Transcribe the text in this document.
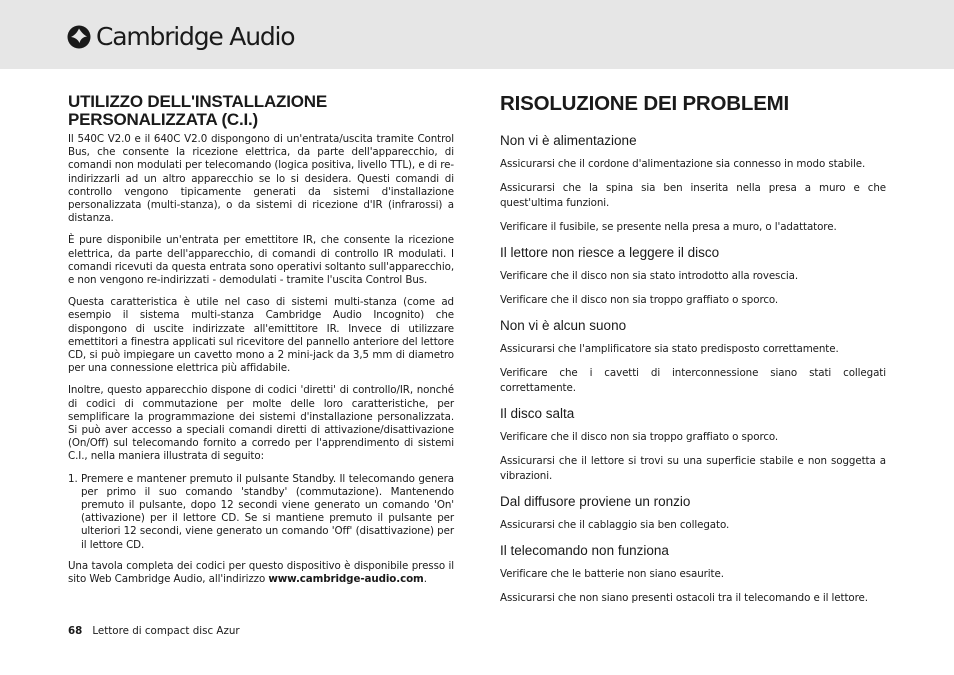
Cambridge Audio
UTILIZZO DELL'INSTALLAZIONE PERSONALIZZATA (C.I.)

Il 540C V2.0 e il 640C V2.0 dispongono di un'entrata/uscita tramite Control Bus, che consente la ricezione elettrica, da parte dell'apparecchio, di comandi non modulati per telecomando (logica positiva, livello TTL), e di re-indirizzarli ad un altro apparecchio se lo si desidera. Questi comandi di controllo vengono tipicamente generati da sistemi d'installazione personalizzata (multi-stanza), o da sistemi di ricezione d'IR (infrarossi) a distanza.

È pure disponibile un'entrata per emettitore IR, che consente la ricezione elettrica, da parte dell'apparecchio, di comandi di controllo IR modulati. I comandi ricevuti da questa entrata sono operativi soltanto sull'apparecchio, e non vengono re-indirizzati - demodulati - tramite l'uscita Control Bus.

Questa caratteristica è utile nel caso di sistemi multi-stanza (come ad esempio il sistema multi-stanza Cambridge Audio Incognito) che dispongono di uscite indirizzate all'emittitore IR. Invece di utilizzare emettitori a finestra applicati sul ricevitore del pannello anteriore del lettore CD, si può impiegare un cavetto mono a 2 mini-jack da 3,5 mm di diametro per una connessione elettrica più affidabile.

Inoltre, questo apparecchio dispone di codici 'diretti' di controllo/IR, nonché di codici di commutazione per molte delle loro caratteristiche, per semplificare la programmazione dei sistemi d'installazione personalizzata. Si può aver accesso a speciali comandi diretti di attivazione/disattivazione (On/Off) sul telecomando fornito a corredo per l'apprendimento di sistemi C.I., nella maniera illustrata di seguito:

1. Premere e mantener premuto il pulsante Standby. Il telecomando genera per primo il suo comando 'standby' (commutazione). Mantenendo premuto il pulsante, dopo 12 secondi viene generato un comando 'On' (attivazione) per il lettore CD. Se si mantiene premuto il pulsante per ulteriori 12 secondi, viene generato un comando 'Off' (disattivazione) per il lettore CD.

Una tavola completa dei codici per questo dispositivo è disponibile presso il sito Web Cambridge Audio, all'indirizzo www.cambridge-audio.com.

RISOLUZIONE DEI PROBLEMI
Non vi è alimentazione

Assicurarsi che il cordone d'alimentazione sia connesso in modo stabile.

Assicurarsi che la spina sia ben inserita nella presa a muro e che quest'ultima funzioni.

Verificare il fusibile, se presente nella presa a muro, o l'adattatore.

Il lettore non riesce a leggere il disco

Verificare che il disco non sia stato introdotto alla rovescia.

Verificare che il disco non sia troppo graffiato o sporco.

Non vi è alcun suono

Assicurarsi che l'amplificatore sia stato predisposto correttamente.

Verificare che i cavetti di interconnessione siano stati collegati correttamente.

Il disco salta

Verificare che il disco non sia troppo graffiato o sporco.

Assicurarsi che il lettore si trovi su una superficie stabile e non soggetta a vibrazioni.

Dal diffusore proviene un ronzio

Assicurarsi che il cablaggio sia ben collegato.

Il telecomando non funziona

Verificare che le batterie non siano esaurite.

Assicurarsi che non siano presenti ostacoli tra il telecomando e il lettore.

68 Lettore di compact disc Azur
